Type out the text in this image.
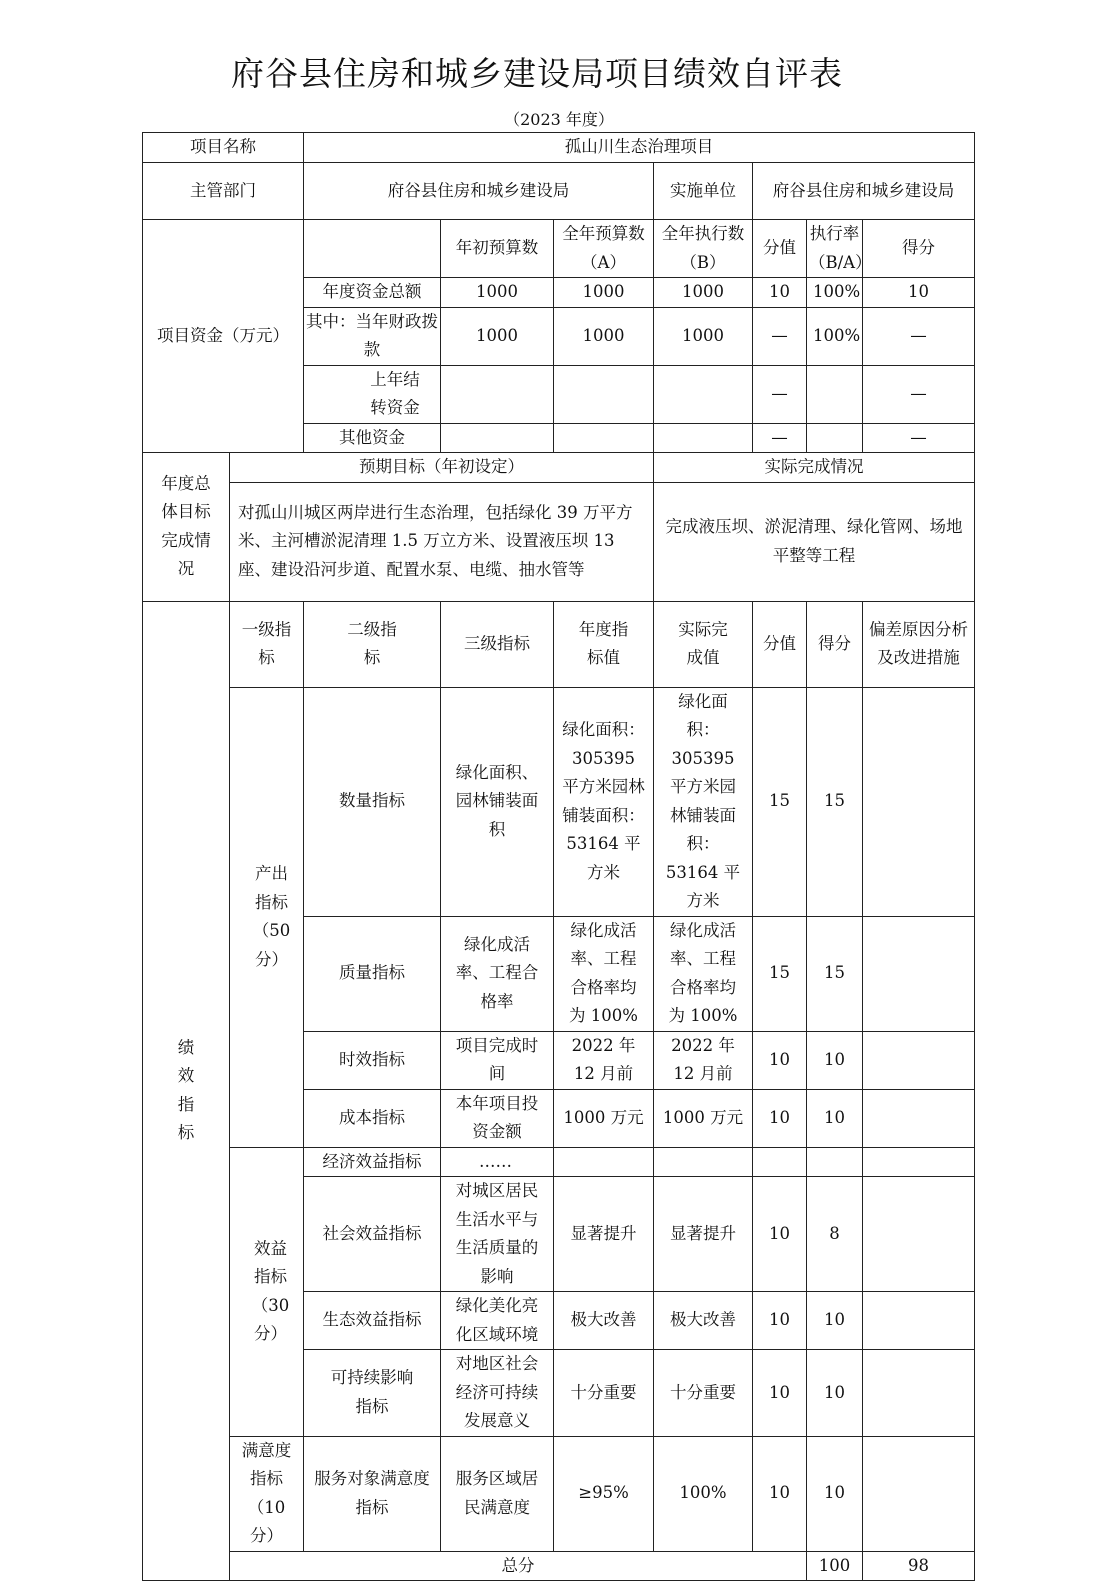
府谷县住房和城乡建设局项目绩效自评表
（2023 年度）
项目名称		孤山川生态治理项目							
主管部门		府谷县住房和城乡建设局			实施单位	府谷县住房和城乡建设局			
项目资金（万元）			年初预算数	全年预算数（A）	全年执行数（B）	分值	执行率（B/A）	得分	
		年度资金总额	1000	1000	1000	10	100%	10	
		其中：当年财政拨款	1000	1000	1000	—	100%	—	
		上年结转资金				—		—	
		其他资金				—		—	
年度总体目标完成情况	预期目标（年初设定）				实际完成情况				
	对孤山川城区两岸进行生态治理，包括绿化 39 万平方米、主河槽淤泥清理 1.5 万立方米、设置液压坝 13 座、建设沿河步道、配置水泵、电缆、抽水管等				完成液压坝、淤泥清理、绿化管网、场地平整等工程				
绩效指标	一级指标	二级指标	三级指标	年度指标值	实际完成值	分值	得分	偏差原因分析及改进措施	
	产出指标（50 分）	数量指标	绿化面积、园林铺装面积	绿化面积：305395 平方米园林铺装面积：53164 平方米	绿化面积：305395 平方米园林铺装面积：53164 平方米	15	15		
		质量指标	绿化成活率、工程合格率	绿化成活率、工程合格率均为 100%	绿化成活率、工程合格率均为 100%	15	15		
		时效指标	项目完成时间	2022 年 12 月前	2022 年 12 月前	10	10		
		成本指标	本年项目投资金额	1000 万元	1000 万元	10	10		
	效益指标（30 分）	经济效益指标	……						
		社会效益指标	对城区居民生活水平与生活质量的影响	显著提升	显著提升	10	8		
		生态效益指标	绿化美化亮化区域环境	极大改善	极大改善	10	10		
		可持续影响指标	对地区社会经济可持续发展意义	十分重要	十分重要	10	10		
	满意度指标（10 分）	服务对象满意度指标	服务区域居民满意度	≥95%	100%	10	10		
	总分						100	98	
